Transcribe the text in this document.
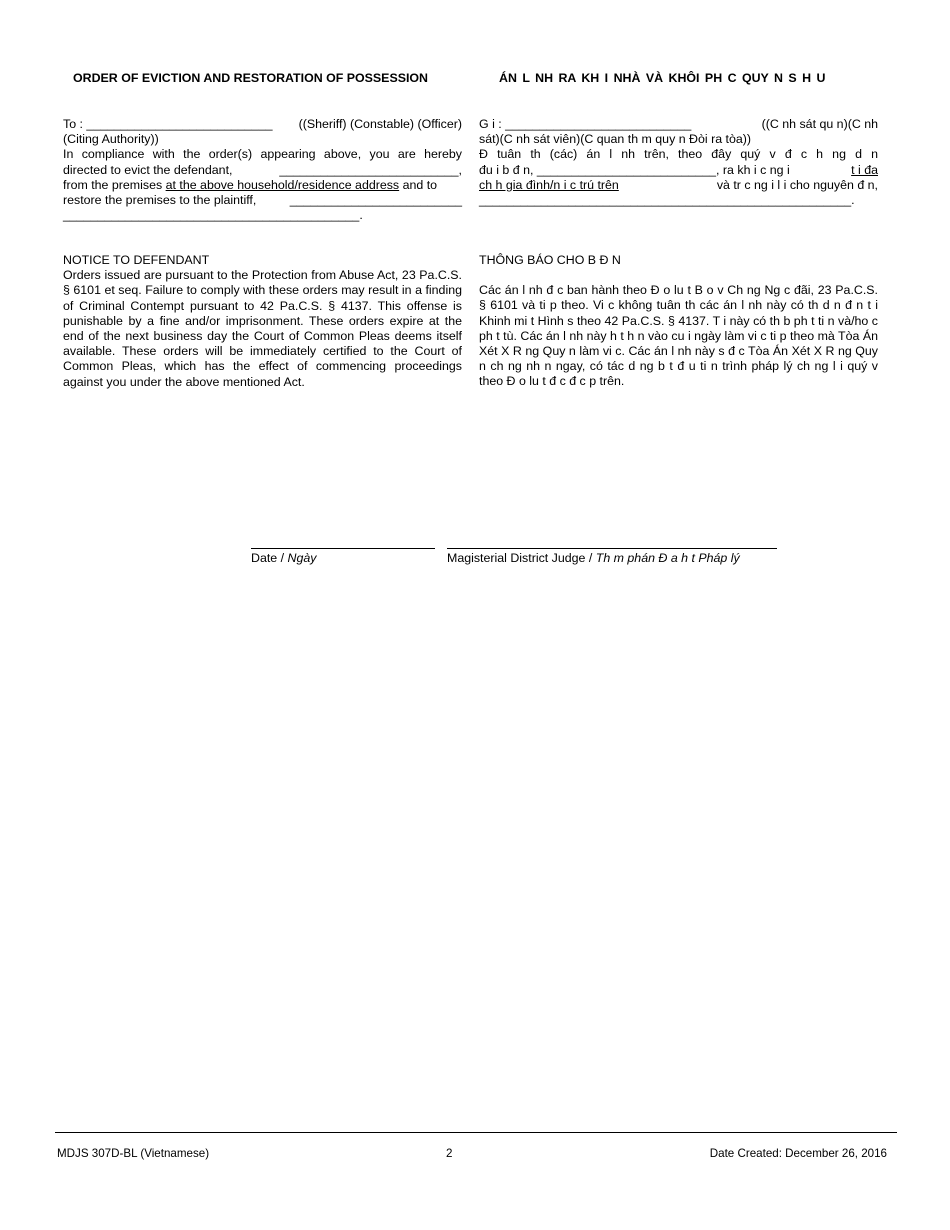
ORDER OF EVICTION AND RESTORATION OF POSSESSION	ÁN L NH RA KH I NHÀ VÀ KHÔI PH C QUY N S H U
To : ___________________________ ((Sheriff) (Constable) (Officer)
(Citing Authority))
In compliance with the order(s) appearing above, you are hereby
directed to evict the defendant,	__________________________,
from the premises at the above household/residence address and to
restore the premises to the plaintiff,	_________________________
___________________________________________.
G i : ___________________________	((C nh sát qu n)(C nh
sát)(C nh sát viên)(C quan th m quy n Đòi ra tòa))
Đ tuân th (các) án l nh trên, theo đây quý v đ c h ng d n
đu i b đ n, __________________________, ra kh i c ng i	t i đa
ch h gia đình/n i c trú trên	và tr c ng i l i cho nguyên đ n,
______________________________________________________.

NOTICE TO DEFENDANT

Orders issued are pursuant to the Protection from Abuse Act, 23 Pa.C.S. § 6101 et seq. Failure to comply with these orders may result in a finding of Criminal Contempt pursuant to 42 Pa.C.S. § 4137. This offense is punishable by a fine and/or imprisonment. These orders expire at the end of the next business day the Court of Common Pleas deems itself available. These orders will be immediately certified to the Court of Common Pleas, which has the effect of commencing proceedings against you under the above mentioned Act.

THÔNG BÁO CHO B Đ N

Các án l nh đ c ban hành theo Đ o lu t B o v Ch ng Ng c đãi, 23 Pa.C.S. § 6101 và ti p theo. Vi c không tuân th các án l nh này có th d n đ n t i Khinh mi t Hình s theo 42 Pa.C.S. § 4137. T i này có th b ph t ti n và/ho c ph t tù. Các án l nh này h t h n vào cu i ngày làm vi c ti p theo mà Tòa Án Xét X R ng Quy n làm vi c. Các án l nh này s đ c Tòa Án Xét X R ng Quy n ch ng nh n ngay, có tác d ng b t đ u ti n trình pháp lý ch ng l i quý v theo Đ o lu t đ c đ c p trên.

Date / Ngày	Magisterial District Judge / Th m phán Đ a h t Pháp lý
MDJS 307D-BL (Vietnamese)	2	Date Created: December 26, 2016
